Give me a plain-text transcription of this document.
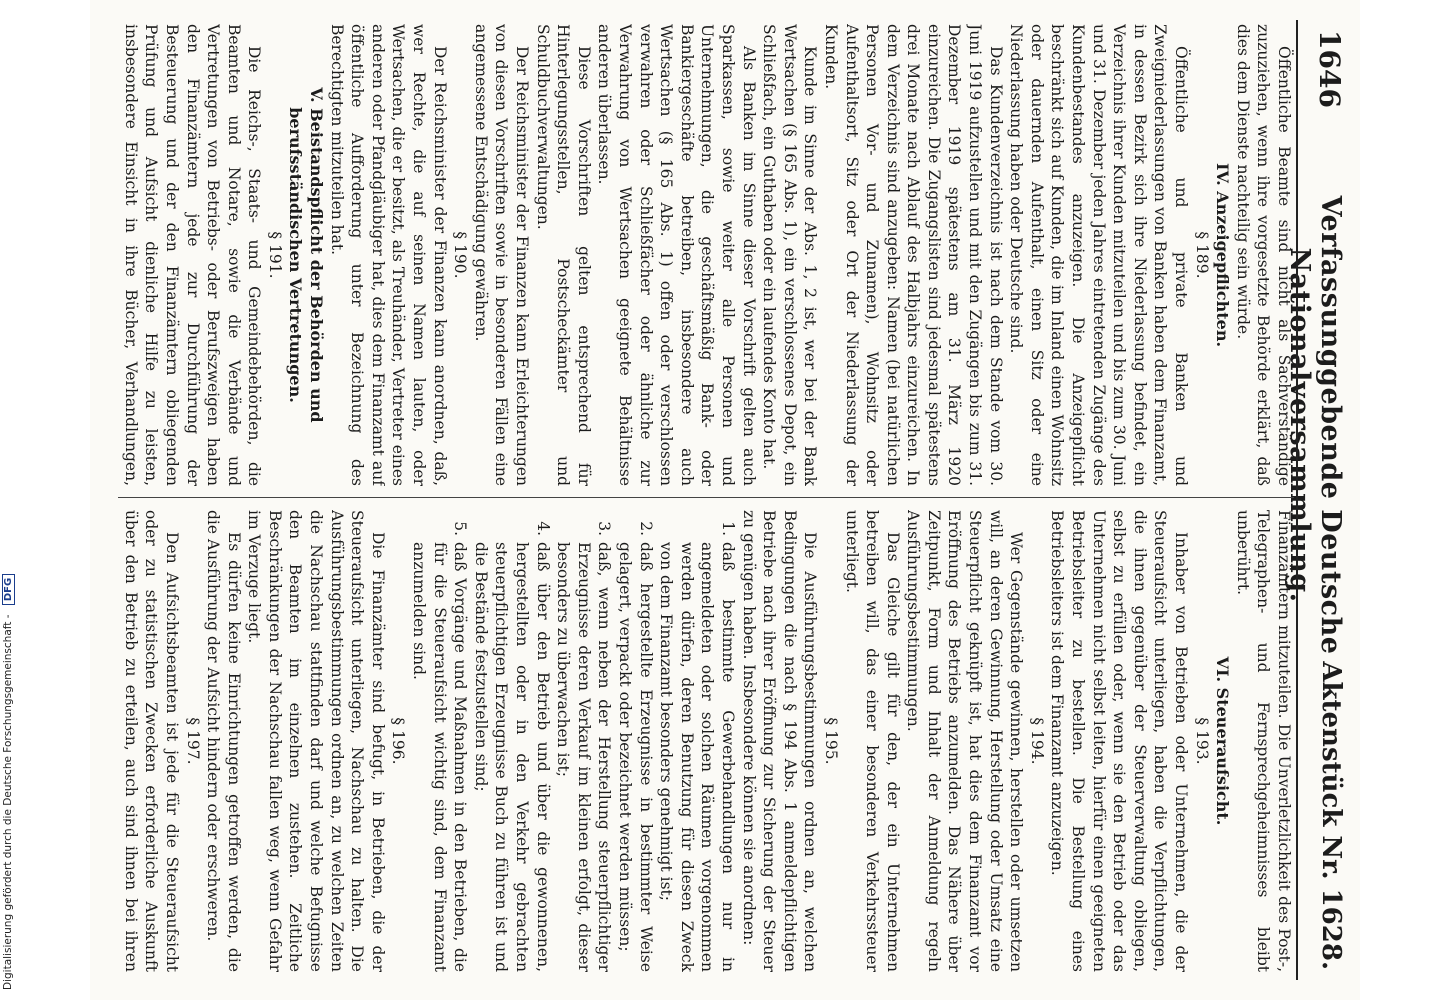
Digitalisierung gefördert durch die Deutsche Forschungsgemeinschaft - DFG
1646
Verfassunggebende Deutsche Nationalversammlung.
Aktenstück Nr. 1628.

Öffentliche Beamte sind nicht als Sachverständige zuzuziehen, wenn ihre vorgesetzte Behörde erklärt, daß dies dem Dienste nachteilig sein würde.

IV. Anzeigepflichten.

§ 189.

Öffentliche und private Banken und Zweigniederlassungen von Banken haben dem Finanzamt, in dessen Bezirk sich ihre Niederlassung befindet, ein Verzeichnis ihrer Kunden mitzuteilen und bis zum 30. Juni und 31. Dezember jeden Jahres eintretenden Zugänge des Kundenbestandes anzuzeigen. Die Anzeigepflicht beschränkt sich auf Kunden, die im Inland einen Wohnsitz oder dauernden Aufenthalt, einen Sitz oder eine Niederlassung haben oder Deutsche sind.

Das Kundenverzeichnis ist nach dem Stande vom 30. Juni 1919 aufzustellen und mit den Zugängen bis zum 31. Dezember 1919 spätestens am 31. März 1920 einzureichen. Die Zugangslisten sind jedesmal spätestens drei Monate nach Ablauf des Halbjahrs einzureichen. In dem Verzeichnis sind anzugeben: Namen (bei natürlichen Personen Vor- und Zunamen), Wohnsitz oder Aufenthaltsort, Sitz oder Ort der Niederlassung der Kunden.

Kunde im Sinne der Abs. 1, 2 ist, wer bei der Bank Wertsachen (§ 165 Abs. 1), ein verschlossenes Depot, ein Schließfach, ein Guthaben oder ein laufendes Konto hat.

Als Banken im Sinne dieser Vorschrift gelten auch Sparkassen, sowie weiter alle Personen und Unternehmungen, die geschäftsmäßig Bank- oder Bankiergeschäfte betreiben, insbesondere auch Wertsachen (§ 165 Abs. 1) offen oder verschlossen verwahren oder Schließfächer oder ähnliche zur Verwahrung von Wertsachen geeignete Behältnisse anderen überlassen.

Diese Vorschriften gelten entsprechend für Hinterlegungsstellen, Postscheckämter und Schuldbuchverwaltungen.

Der Reichsminister der Finanzen kann Erleichterungen von diesen Vorschriften sowie in besonderen Fällen eine angemessene Entschädigung gewähren.

§ 190.

Der Reichsminister der Finanzen kann anordnen, daß, wer Rechte, die auf seinen Namen lauten, oder Wertsachen, die er besitzt, als Treuhänder, Vertreter eines anderen oder Pfandgläubiger hat, dies dem Finanzamt auf öffentliche Aufforderung unter Bezeichnung des Berechtigten mitzuteilen hat.

V. Beistandspflicht der Behörden und berufsständischen Vertretungen.

§ 191.

Die Reichs-, Staats- und Gemeindebehörden, die Beamten und Notare, sowie die Verbände und Vertretungen von Betriebs- oder Berufszweigen haben den Finanzämtern jede zur Durchführung der Besteuerung und der den Finanzämtern obliegenden Prüfung und Aufsicht dienliche Hilfe zu leisten, insbesondere Einsicht in ihre Bücher, Verhandlungen,

Finanzämtern mitzuteilen. Die Unverletzlichkeit des Post-, Telegraphen- und Fernsprechgeheimnisses bleibt unberührt.

VI. Steueraufsicht.

§ 193.

Inhaber von Betrieben oder Unternehmen, die der Steueraufsicht unterliegen, haben die Verpflichtungen, die ihnen gegenüber der Steuerverwaltung obliegen, selbst zu erfüllen oder, wenn sie den Betrieb oder das Unternehmen nicht selbst leiten, hierfür einen geeigneten Betriebsleiter zu bestellen. Die Bestellung eines Betriebsleiters ist dem Finanzamt anzuzeigen.

§ 194.

Wer Gegenstände gewinnen, herstellen oder umsetzen will, an deren Gewinnung, Herstellung oder Umsatz eine Steuerpflicht geknüpft ist, hat dies dem Finanzamt vor Eröffnung des Betriebs anzumelden. Das Nähere über Zeitpunkt, Form und Inhalt der Anmeldung regeln Ausführungsbestimmungen.

Das Gleiche gilt für den, der ein Unternehmen betreiben will, das einer besonderen Verkehrssteuer unterliegt.

§ 195.

Die Ausführungsbestimmungen ordnen an, welchen Bedingungen die nach § 194 Abs. 1 anmeldepflichtigen Betriebe nach ihrer Eröffnung zur Sicherung der Steuer zu genügen haben. Insbesondere können sie anordnen:

1.
daß bestimmte Gewerbehandlungen nur in angemeldeten oder solchen Räumen vorgenommen werden dürfen, deren Benutzung für diesen Zweck von dem Finanzamt besonders genehmigt ist;
2.
daß hergestellte Erzeugnisse in bestimmter Weise gelagert, verpackt oder bezeichnet werden müssen;
3.
daß, wenn neben der Herstellung steuerpflichtiger Erzeugnisse deren Verkauf im kleinen erfolgt, dieser besonders zu überwachen ist;
4.
daß über den Betrieb und über die gewonnenen, hergestellten oder in den Verkehr gebrachten steuerpflichtigen Erzeugnisse Buch zu führen ist und die Bestände festzustellen sind;
5.
daß Vorgänge und Maßnahmen in den Betrieben, die für die Steueraufsicht wichtig sind, dem Finanzamt anzumelden sind.

§ 196.

Die Finanzämter sind befugt, in Betrieben, die der Steueraufsicht unterliegen, Nachschau zu halten. Die Ausführungsbestimmungen ordnen an, zu welchen Zeiten die Nachschau stattfinden darf und welche Befugnisse den Beamten im einzelnen zustehen. Zeitliche Beschränkungen der Nachschau fallen weg, wenn Gefahr im Verzuge liegt.

Es dürfen keine Einrichtungen getroffen werden, die die Ausführung der Aufsicht hindern oder erschweren.

§ 197.

Den Aufsichtsbeamten ist jede für die Steueraufsicht oder zu statistischen Zwecken erforderliche Auskunft über den Betrieb zu erteilen, auch sind ihnen bei ihren
